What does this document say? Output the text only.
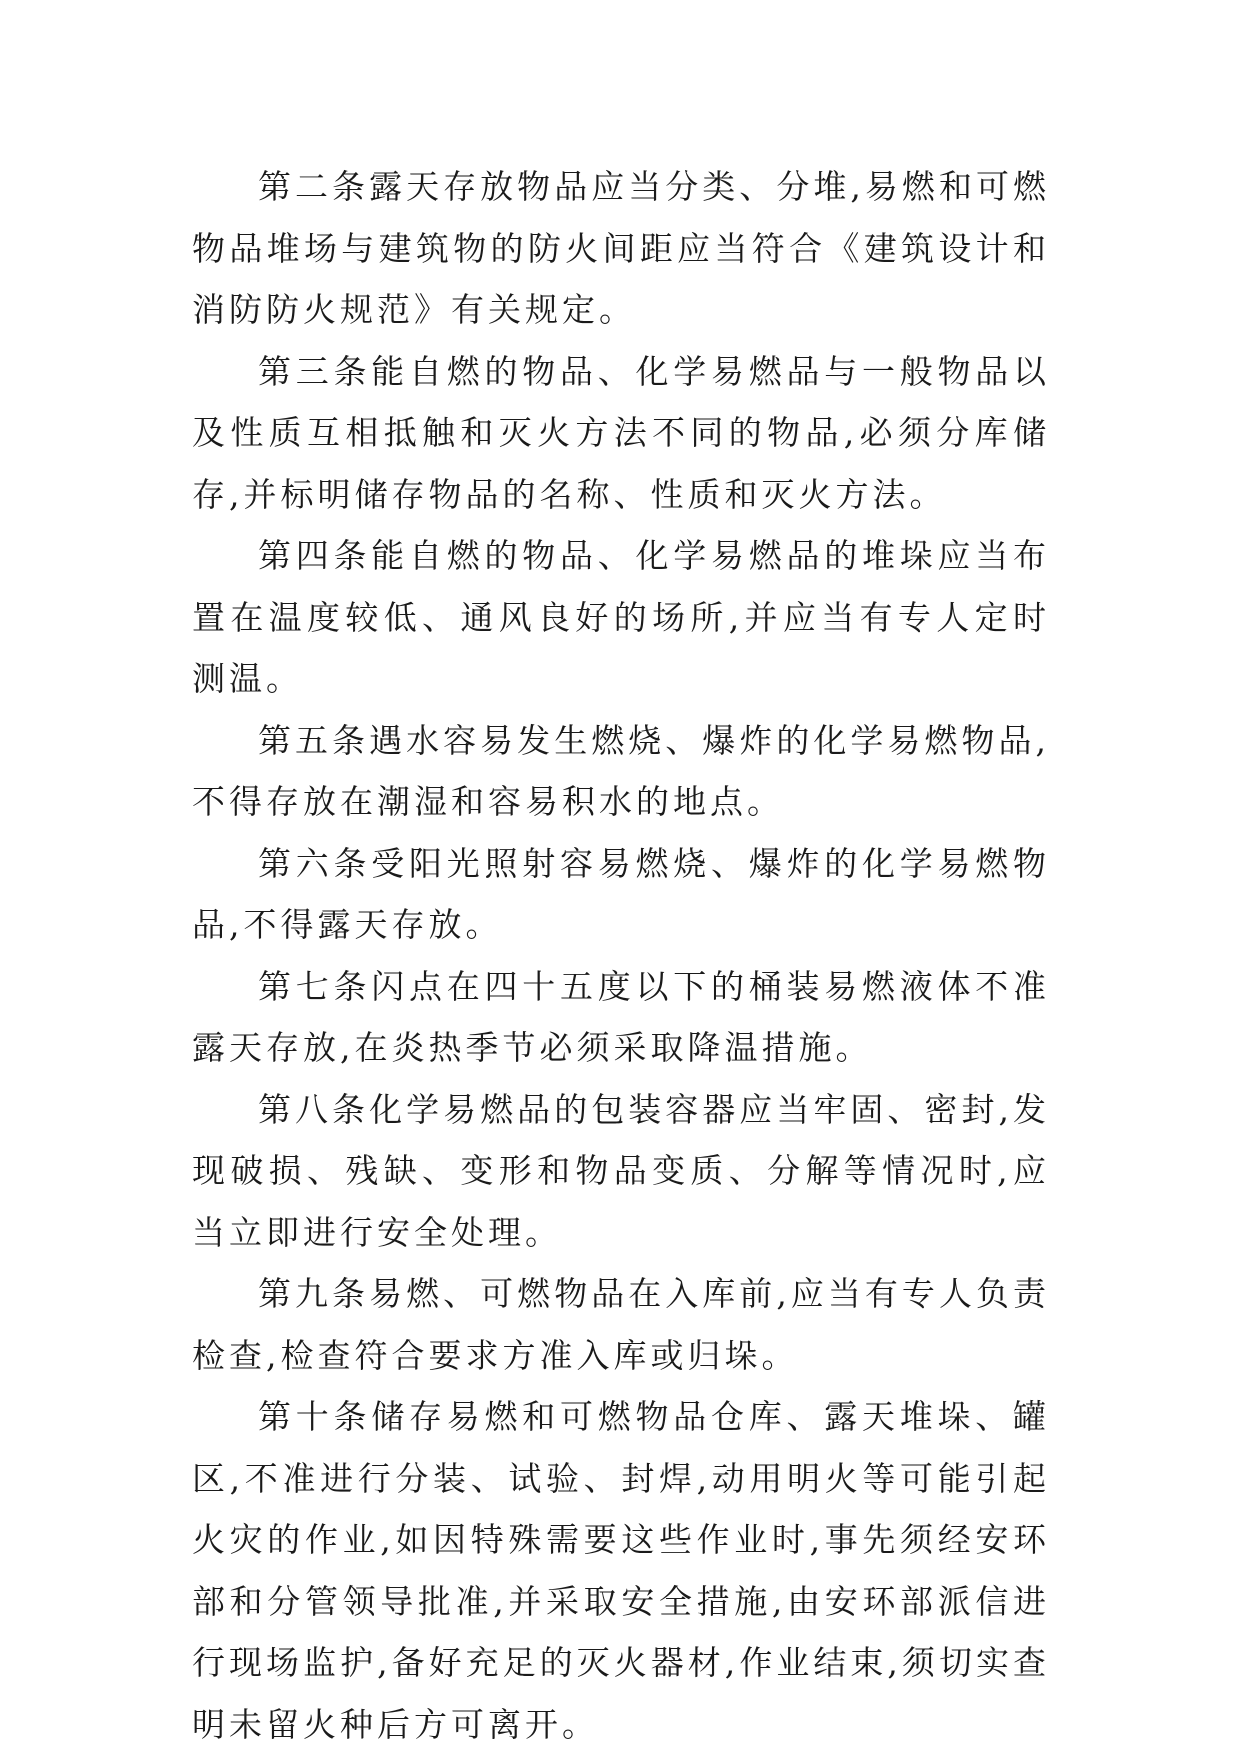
第二条露天存放物品应当分类、分堆,易燃和可燃物品堆场与建筑物的防火间距应当符合《建筑设计和消防防火规范》有关规定。

第三条能自燃的物品、化学易燃品与一般物品以及性质互相抵触和灭火方法不同的物品,必须分库储存,并标明储存物品的名称、性质和灭火方法。

第四条能自燃的物品、化学易燃品的堆垛应当布置在温度较低、通风良好的场所,并应当有专人定时测温。

第五条遇水容易发生燃烧、爆炸的化学易燃物品,不得存放在潮湿和容易积水的地点。

第六条受阳光照射容易燃烧、爆炸的化学易燃物品,不得露天存放。

第七条闪点在四十五度以下的桶装易燃液体不准露天存放,在炎热季节必须采取降温措施。

第八条化学易燃品的包装容器应当牢固、密封,发现破损、残缺、变形和物品变质、分解等情况时,应当立即进行安全处理。

第九条易燃、可燃物品在入库前,应当有专人负责检查,检查符合要求方准入库或归垛。

第十条储存易燃和可燃物品仓库、露天堆垛、罐区,不准进行分装、试验、封焊,动用明火等可能引起火灾的作业,如因特殊需要这些作业时,事先须经安环部和分管领导批准,并采取安全措施,由安环部派信进行现场监护,备好充足的灭火器材,作业结束,须切实查明未留火种后方可离开。
